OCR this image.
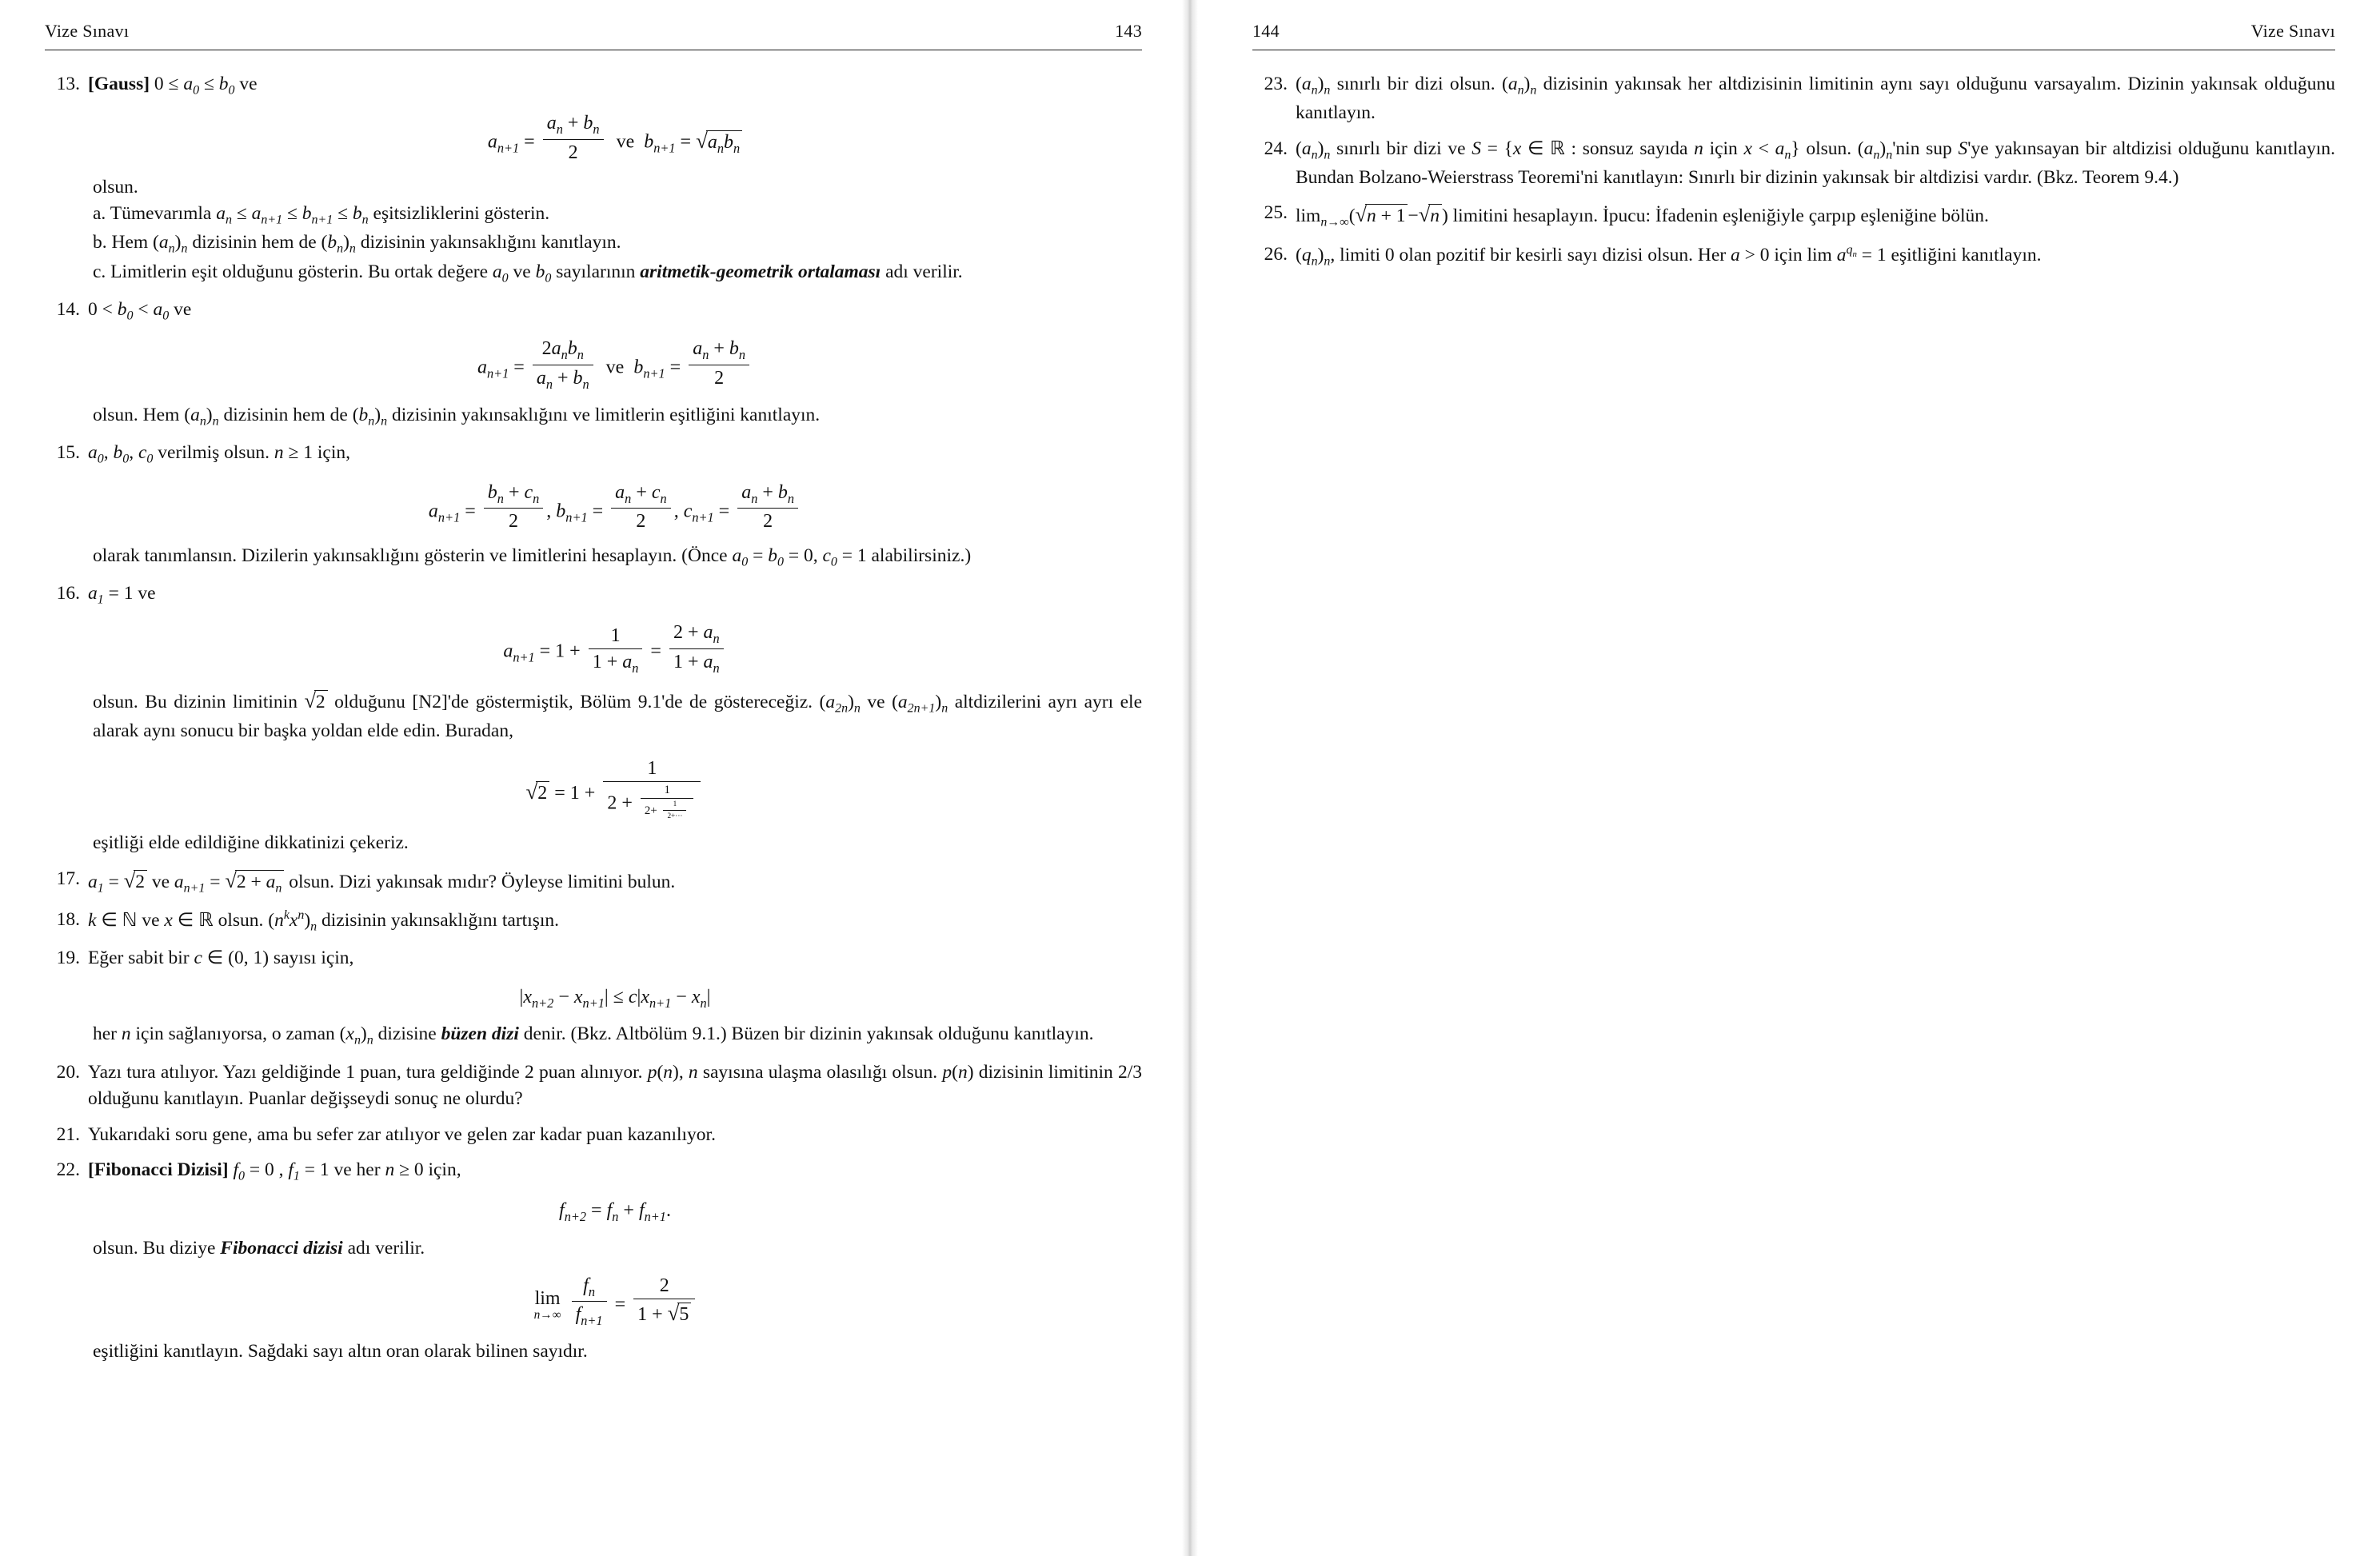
Vize Sınavı	143
13. [Gauss] $0 \le a_0 \le b_0$ ve
$a_{n+1} = \frac{a_n + b_n}{2}$ ve  $b_{n+1} = √a_nb_n$
olsun.
a. Tümevarımla $a_n \le a_{n+1} \le b_{n+1} \le b_n$ eşitsizliklerini gösterin.
b. Hem $(a_n)_n$ dizisinin hem de $(b_n)_n$ dizisinin yakınsaklığını kanıtlayın.
c. Limitlerin eşit olduğunu gösterin. Bu ortak değere $a_0$ ve $b_0$ sayılarının aritmetik-geometrik ortalaması adı verilir.
14. $0 < b_0 < a_0$ ve
$a_{n+1} = \frac{2a_nb_n}{a_n + b_n}$ ve  $b_{n+1} = \frac{a_n + b_n}{2}$
olsun. Hem $(a_n)_n$ dizisinin hem de $(b_n)_n$ dizisinin yakınsaklığını ve limitlerin eşitliğini kanıtlayın.
15. $a_0$, $b_0$, $c_0$ verilmiş olsun. n ≥ 1 için,
$a_{n+1} = \frac{b_n + c_n}{2}$ , $b_{n+1} = \frac{a_n + c_n}{2}$ , $c_{n+1} = \frac{a_n + b_n}{2}$
olarak tanımlansın. Dizilerin yakınsaklığını gösterin ve limitlerini hesaplayın. (Önce $a_0 = b_0 = 0$, $c_0 = 1$ alabilirsiniz.)
16. $a_1 = 1$ ve
$a_{n+1} = 1 + \frac{1}{1 + a_n} = \frac{2 + a_n}{1 + a_n}$
olsun. Bu dizinin limitinin √2 olduğunu [N2]'de göstermiştik, Bölüm 9.1'de de göstereceğiz. $(a_{2n})_n$ ve $(a_{2n+1})_n$ altdizilerini ayrı ayrı ele alarak aynı sonucu bir başka yoldan elde edin. Buradan,
$√2 = 1 + \frac{1}{2 + \frac{1}{2+ \frac{1}{2+\cdot\cdot\cdot}}}$
eşitliği elde edildiğine dikkatinizi çekeriz.
17. $a_1 = √2$ ve $a_{n+1} = √2 + a_n$ olsun. Dizi yakınsak mıdır? Öyleyse limitini bulun.
18. k ∈ ℕ ve x ∈ ℝ olsun. $(n^kx^n)_n$ dizisinin yakınsaklığını tartışın.
19. Eğer sabit bir c ∈ (0, 1) sayısı için,
$|x_{n+2} - x_{n+1}| \le c|x_{n+1} - x_n|$
her n için sağlanıyorsa, o zaman $(x_n)_n$ dizisine büzen dizi denir. (Bkz. Altbölüm 9.1.) Büzen bir dizinin yakınsak olduğunu kanıtlayın.
20. Yazı tura atılıyor. Yazı geldiğinde 1 puan, tura geldiğinde 2 puan alınıyor. p(n), n sayısına ulaşma olasılığı olsun. p(n) dizisinin limitinin 2/3 olduğunu kanıtlayın. Puanlar değişseydi sonuç ne olurdu?
21. Yukarıdaki soru gene, ama bu sefer zar atılıyor ve gelen zar kadar puan kazanılıyor.
22. [Fibonacci Dizisi] $f_0 = 0$ , $f_1 = 1$ ve her n ≥ 0 için,
$f_{n+2} = f_n + f_{n+1}$.
olsun. Bu diziye Fibonacci dizisi adı verilir.
lim
n→∞
$\frac{f_n}{f_{n+1}} = \frac{2}{1 + √5}$
eşitliğini kanıtlayın. Sağdaki sayı altın oran olarak bilinen sayıdır.
144	Vize Sınavı
23. $(a_n)_n$ sınırlı bir dizi olsun. $(a_n)_n$ dizisinin yakınsak her altdizisinin limitinin aynı sayı olduğunu varsayalım. Dizinin yakınsak olduğunu kanıtlayın.
24. $(a_n)_n$ sınırlı bir dizi ve S = {x ∈ ℝ : sonsuz sayıda n için $x < a_n$} olsun. $(a_n)_n'nin$ sup S'ye yakınsayan bir altdizisi olduğunu kanıtlayın. Bundan Bolzano-Weierstrass Teoremi'ni kanıtlayın: Sınırlı bir dizinin yakınsak bir altdizisi vardır. (Bkz. Teorem 9.4.)
25. $\lim_{n\to\infty}(√n + 1 -√n$ ) limitini hesaplayın. İpucu: İfadenin eşleniğiyle çarpıp eşleniğine bölün.
26. $(q_n)_n$, limiti 0 olan pozitif bir kesirli sayı dizisi olsun. Her a > 0 için $\lim a^{q_n} = 1$ eşitliğini kanıtlayın.
